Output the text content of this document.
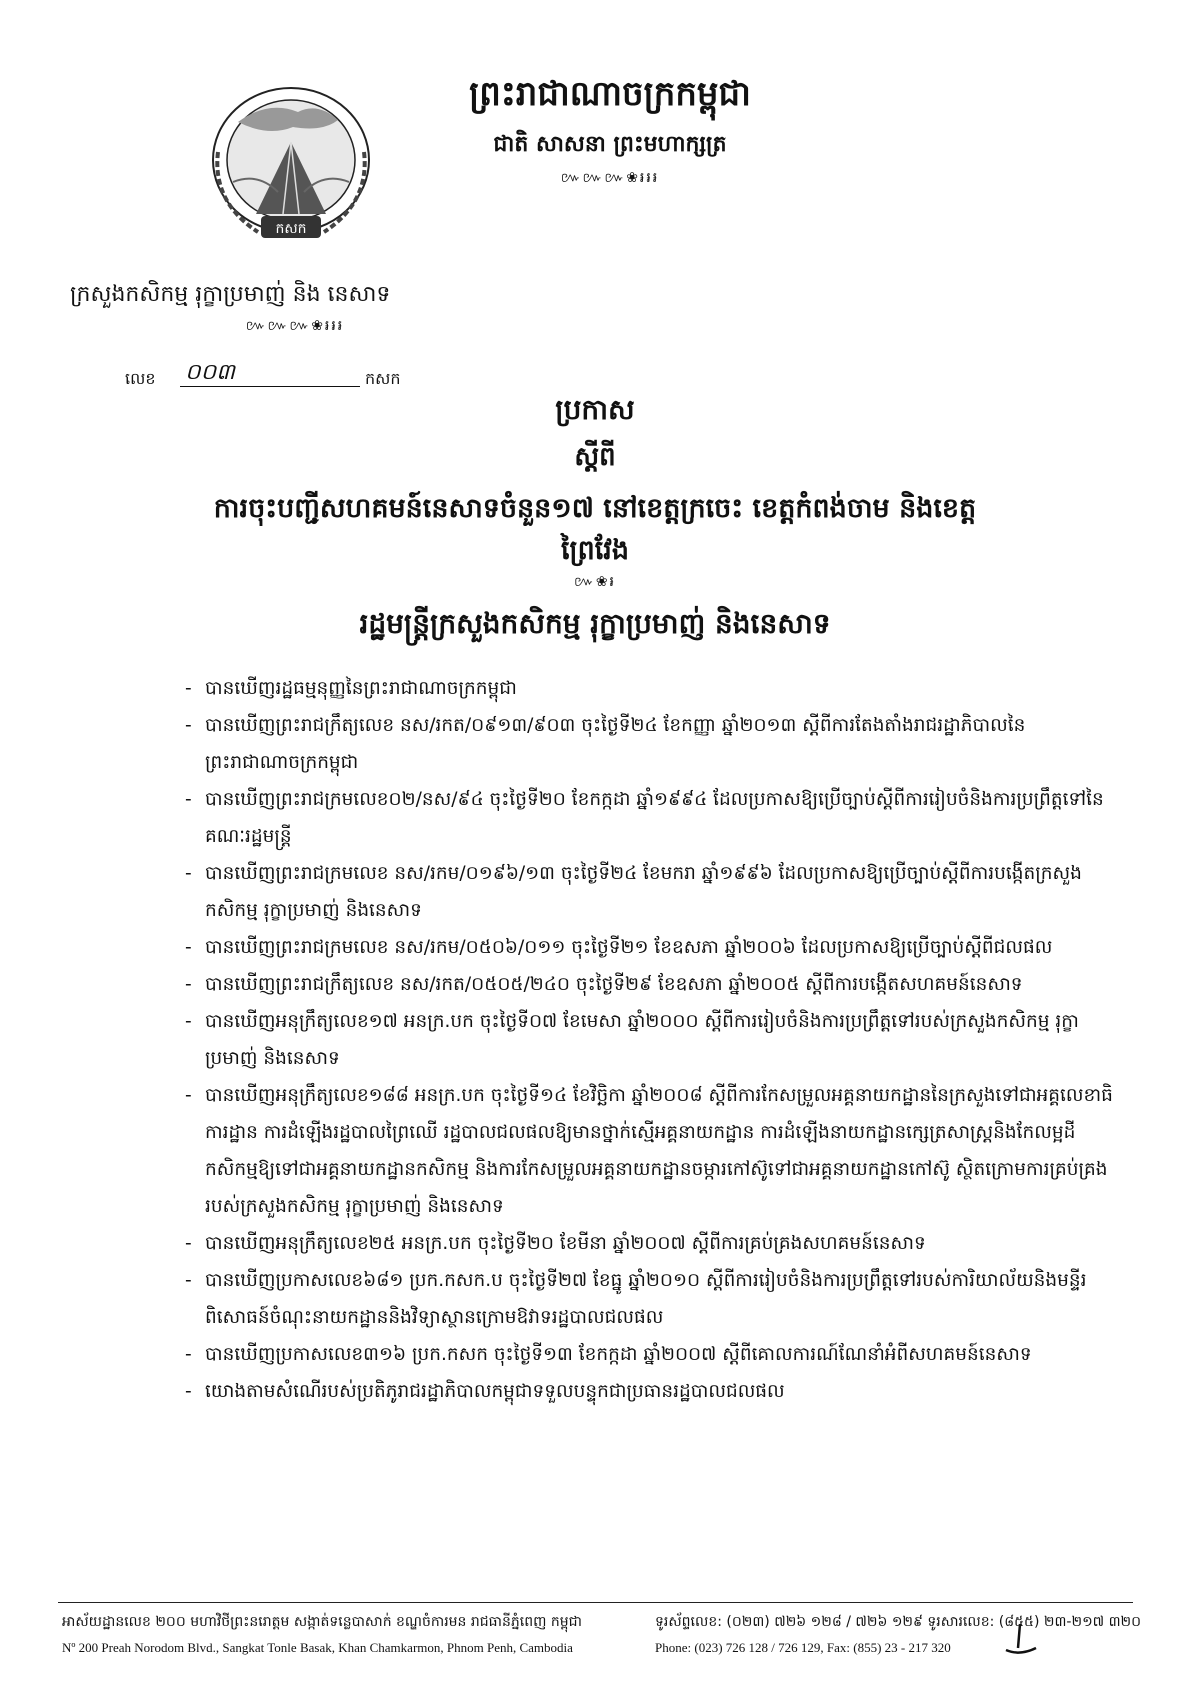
ព្រះរាជាណាចក្រកម្ពុជា
ជាតិ សាសនា ព្រះមហាក្សត្រ
៚៚៚❀៛៛៛
កសក
ក្រសួងកសិកម្ម រុក្ខាប្រមាញ់ និង នេសាទ
៚៚៚❀៛៛៛
លេខ ០០៣	កសក
ប្រកាស
ស្តីពី
ការចុះបញ្ជីសហគមន៍នេសាទចំនួន១៧ នៅខេត្តក្រចេះ ខេត្តកំពង់ចាម និងខេត្តព្រៃវែង
៚❀៛
រដ្ឋមន្ត្រីក្រសួងកសិកម្ម រុក្ខាប្រមាញ់ និងនេសាទ
- បានឃើញរដ្ឋធម្មនុញ្ញនៃព្រះរាជាណាចក្រកម្ពុជា
- បានឃើញព្រះរាជក្រឹត្យលេខ នស/រកត/០៩១៣/៩០៣ ចុះថ្ងៃទី២៤ ខែកញ្ញា ឆ្នាំ២០១៣ ស្តីពីការតែងតាំងរាជរដ្ឋាភិបាលនៃព្រះរាជាណាចក្រកម្ពុជា
- បានឃើញព្រះរាជក្រមលេខ០២/នស/៩៤ ចុះថ្ងៃទី២០ ខែកក្កដា ឆ្នាំ១៩៩៤ ដែលប្រកាសឱ្យប្រើច្បាប់ស្តីពីការរៀបចំនិងការប្រព្រឹត្តទៅនៃគណៈរដ្ឋមន្ត្រី
- បានឃើញព្រះរាជក្រមលេខ នស/រកម/០១៩៦/១៣ ចុះថ្ងៃទី២៤ ខែមករា ឆ្នាំ១៩៩៦ ដែលប្រកាសឱ្យប្រើច្បាប់ស្តីពីការបង្កើតក្រសួងកសិកម្ម រុក្ខាប្រមាញ់ និងនេសាទ
- បានឃើញព្រះរាជក្រមលេខ នស/រកម/០៥០៦/០១១ ចុះថ្ងៃទី២១ ខែឧសភា ឆ្នាំ២០០៦ ដែលប្រកាសឱ្យប្រើច្បាប់ស្តីពីជលផល
- បានឃើញព្រះរាជក្រឹត្យលេខ នស/រកត/០៥០៥/២៤០ ចុះថ្ងៃទី២៩ ខែឧសភា ឆ្នាំ២០០៥ ស្តីពីការបង្កើតសហគមន៍នេសាទ
- បានឃើញអនុក្រឹត្យលេខ១៧ អនក្រ.បក ចុះថ្ងៃទី០៧ ខែមេសា ឆ្នាំ២០០០ ស្តីពីការរៀបចំនិងការប្រព្រឹត្តទៅរបស់ក្រសួងកសិកម្ម រុក្ខាប្រមាញ់ និងនេសាទ
- បានឃើញអនុក្រឹត្យលេខ១៨៨ អនក្រ.បក ចុះថ្ងៃទី១៤ ខែវិច្ឆិកា ឆ្នាំ២០០៨ ស្តីពីការកែសម្រួលអគ្គនាយកដ្ឋាននៃក្រសួងទៅជាអគ្គលេខាធិការដ្ឋាន ការដំឡើងរដ្ឋបាលព្រៃឈើ រដ្ឋបាលជលផលឱ្យមានថ្នាក់ស្មើអគ្គនាយកដ្ឋាន ការដំឡើងនាយកដ្ឋានក្សេត្រសាស្ត្រនិងកែលម្អដីកសិកម្មឱ្យទៅជាអគ្គនាយកដ្ឋានកសិកម្ម និងការកែសម្រួលអគ្គនាយកដ្ឋានចម្ការកៅស៊ូទៅជាអគ្គនាយកដ្ឋានកៅស៊ូ ស្ថិតក្រោមការគ្រប់គ្រងរបស់ក្រសួងកសិកម្ម រុក្ខាប្រមាញ់ និងនេសាទ
- បានឃើញអនុក្រឹត្យលេខ២៥ អនក្រ.បក ចុះថ្ងៃទី២០ ខែមីនា ឆ្នាំ២០០៧ ស្តីពីការគ្រប់គ្រងសហគមន៍នេសាទ
- បានឃើញប្រកាសលេខ៦៨១ ប្រក.កសក.ប ចុះថ្ងៃទី២៧ ខែធ្នូ ឆ្នាំ២០១០ ស្តីពីការរៀបចំនិងការប្រព្រឹត្តទៅរបស់ការិយាល័យនិងមន្ទីរពិសោធន៍ចំណុះនាយកដ្ឋាននិងវិទ្យាស្ថានក្រោមឱវាទរដ្ឋបាលជលផល
- បានឃើញប្រកាសលេខ៣១៦ ប្រក.កសក ចុះថ្ងៃទី១៣ ខែកក្កដា ឆ្នាំ២០០៧ ស្តីពីគោលការណ៍ណែនាំអំពីសហគមន៍នេសាទ
- យោងតាមសំណើរបស់ប្រតិភូរាជរដ្ឋាភិបាលកម្ពុជាទទួលបន្ទុកជាប្រធានរដ្ឋបាលជលផល
អាស័យដ្ឋានលេខ ២០០ មហាវិថីព្រះនរោត្តម សង្កាត់ទន្លេបាសាក់ ខណ្ឌចំការមន រាជធានីភ្នំពេញ កម្ពុជា
Nº 200 Preah Norodom Blvd., Sangkat Tonle Basak, Khan Chamkarmon, Phnom Penh, Cambodia
ទូរស័ព្ទលេខ: (០២៣) ៧២៦ ១២៨ / ៧២៦ ១២៩ ទូរសារលេខ: (៨៥៥) ២៣-២១៧ ៣២០
Phone: (023) 726 128 / 726 129, Fax: (855) 23 - 217 320
